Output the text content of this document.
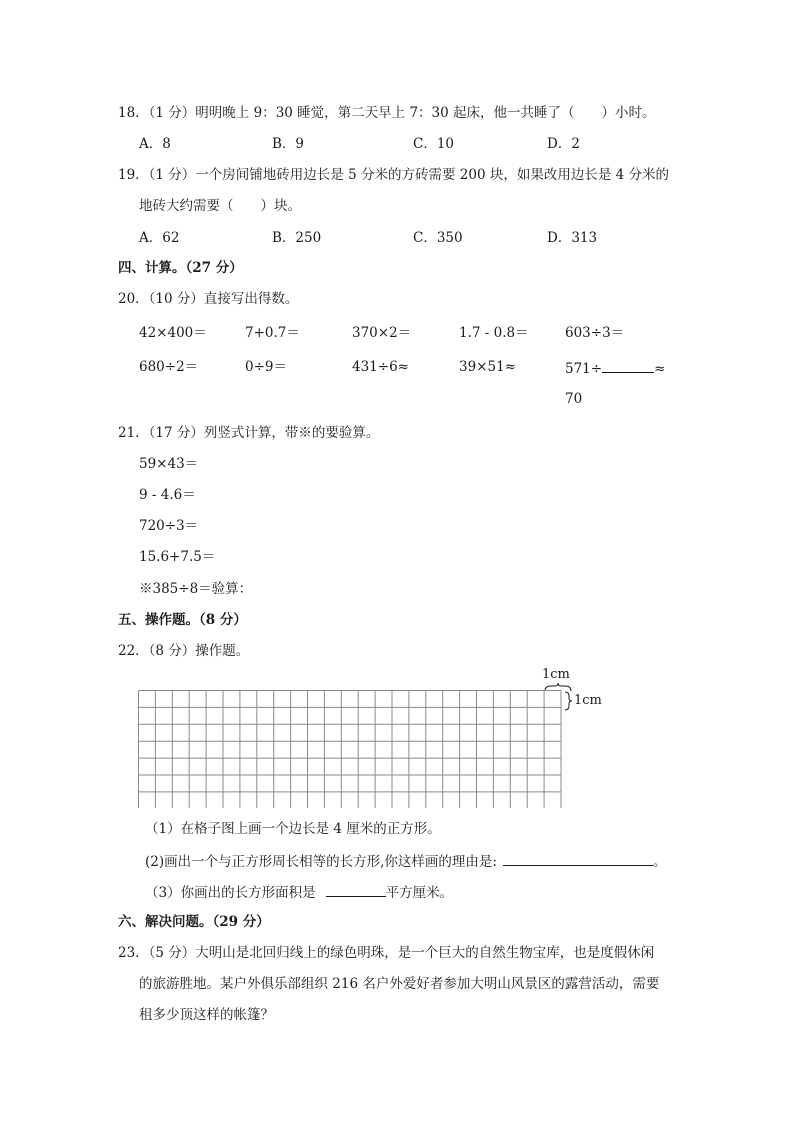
18．（1 分）明明晚上 9：30 睡觉，第二天早上 7：30 起床，他一共睡了（　　）小时。
A．8	B．9	C．10	D．2
19．（1 分）一个房间铺地砖用边长是 5 分米的方砖需要 200 块，如果改用边长是 4 分米的
地砖大约需要（　　）块。
A．62	B．250	C．350	D．313
四、计算。（27 分）
20．（10 分）直接写出得数。
42×400＝	7+0.7＝	370×2＝	1.7 - 0.8＝	603÷3＝
680÷2＝	0÷9＝	431÷6≈	39×51≈	571÷	≈
70
21．（17 分）列竖式计算，带※的要验算。
59×43＝
9 - 4.6＝
720÷3＝
15.6+7.5＝
※385÷8＝验算：
五、操作题。（8 分）
22．（8 分）操作题。
1cm
1cm
（1）在格子图上画一个边长是 4 厘米的正方形。
(2)画出一个与正方形周长相等的长方形,你这样画的理由是:	。
（3）你画出的长方形面积是	平方厘米。
六、解决问题。（29 分）
23．（5 分）大明山是北回归线上的绿色明珠，是一个巨大的自然生物宝库，也是度假休闲
的旅游胜地。某户外俱乐部组织 216 名户外爱好者参加大明山风景区的露营活动，需要
租多少顶这样的帐篷？
